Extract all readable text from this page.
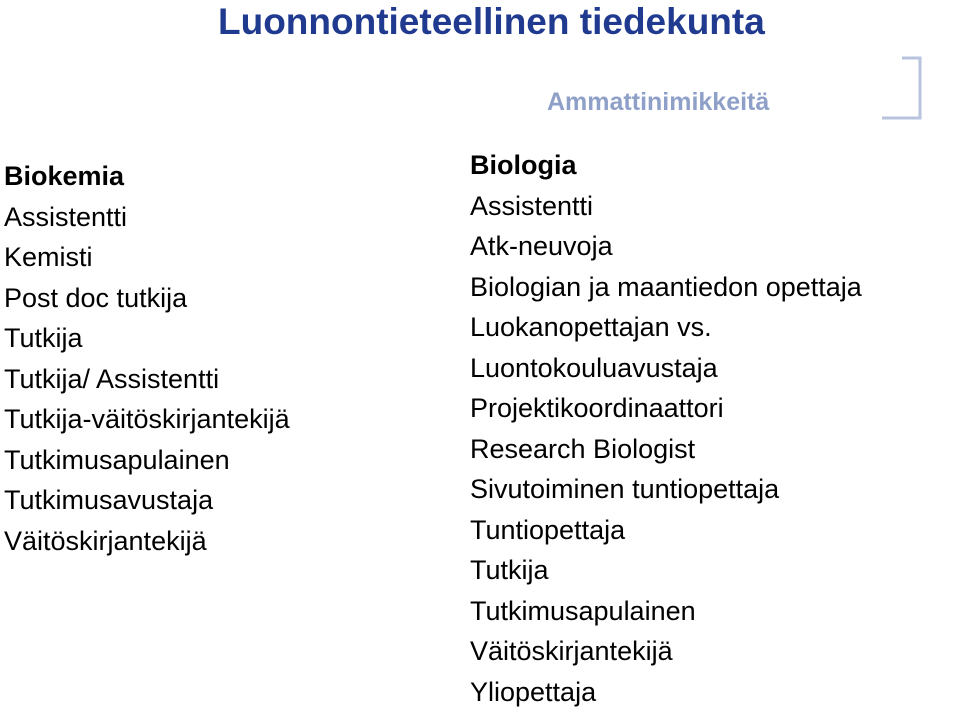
Luonnontieteellinen tiedekunta
Ammattinimikkeitä
Biokemia
Assistentti
Kemisti
Post doc tutkija
Tutkija
Tutkija/ Assistentti
Tutkija-väitöskirjantekijä
Tutkimusapulainen
Tutkimusavustaja
Väitöskirjantekijä
Biologia
Assistentti
Atk-neuvoja
Biologian ja maantiedon opettaja
Luokanopettajan vs.
Luontokouluavustaja
Projektikoordinaattori
Research Biologist
Sivutoiminen tuntiopettaja
Tuntiopettaja
Tutkija
Tutkimusapulainen
Väitöskirjantekijä
Yliopettaja
